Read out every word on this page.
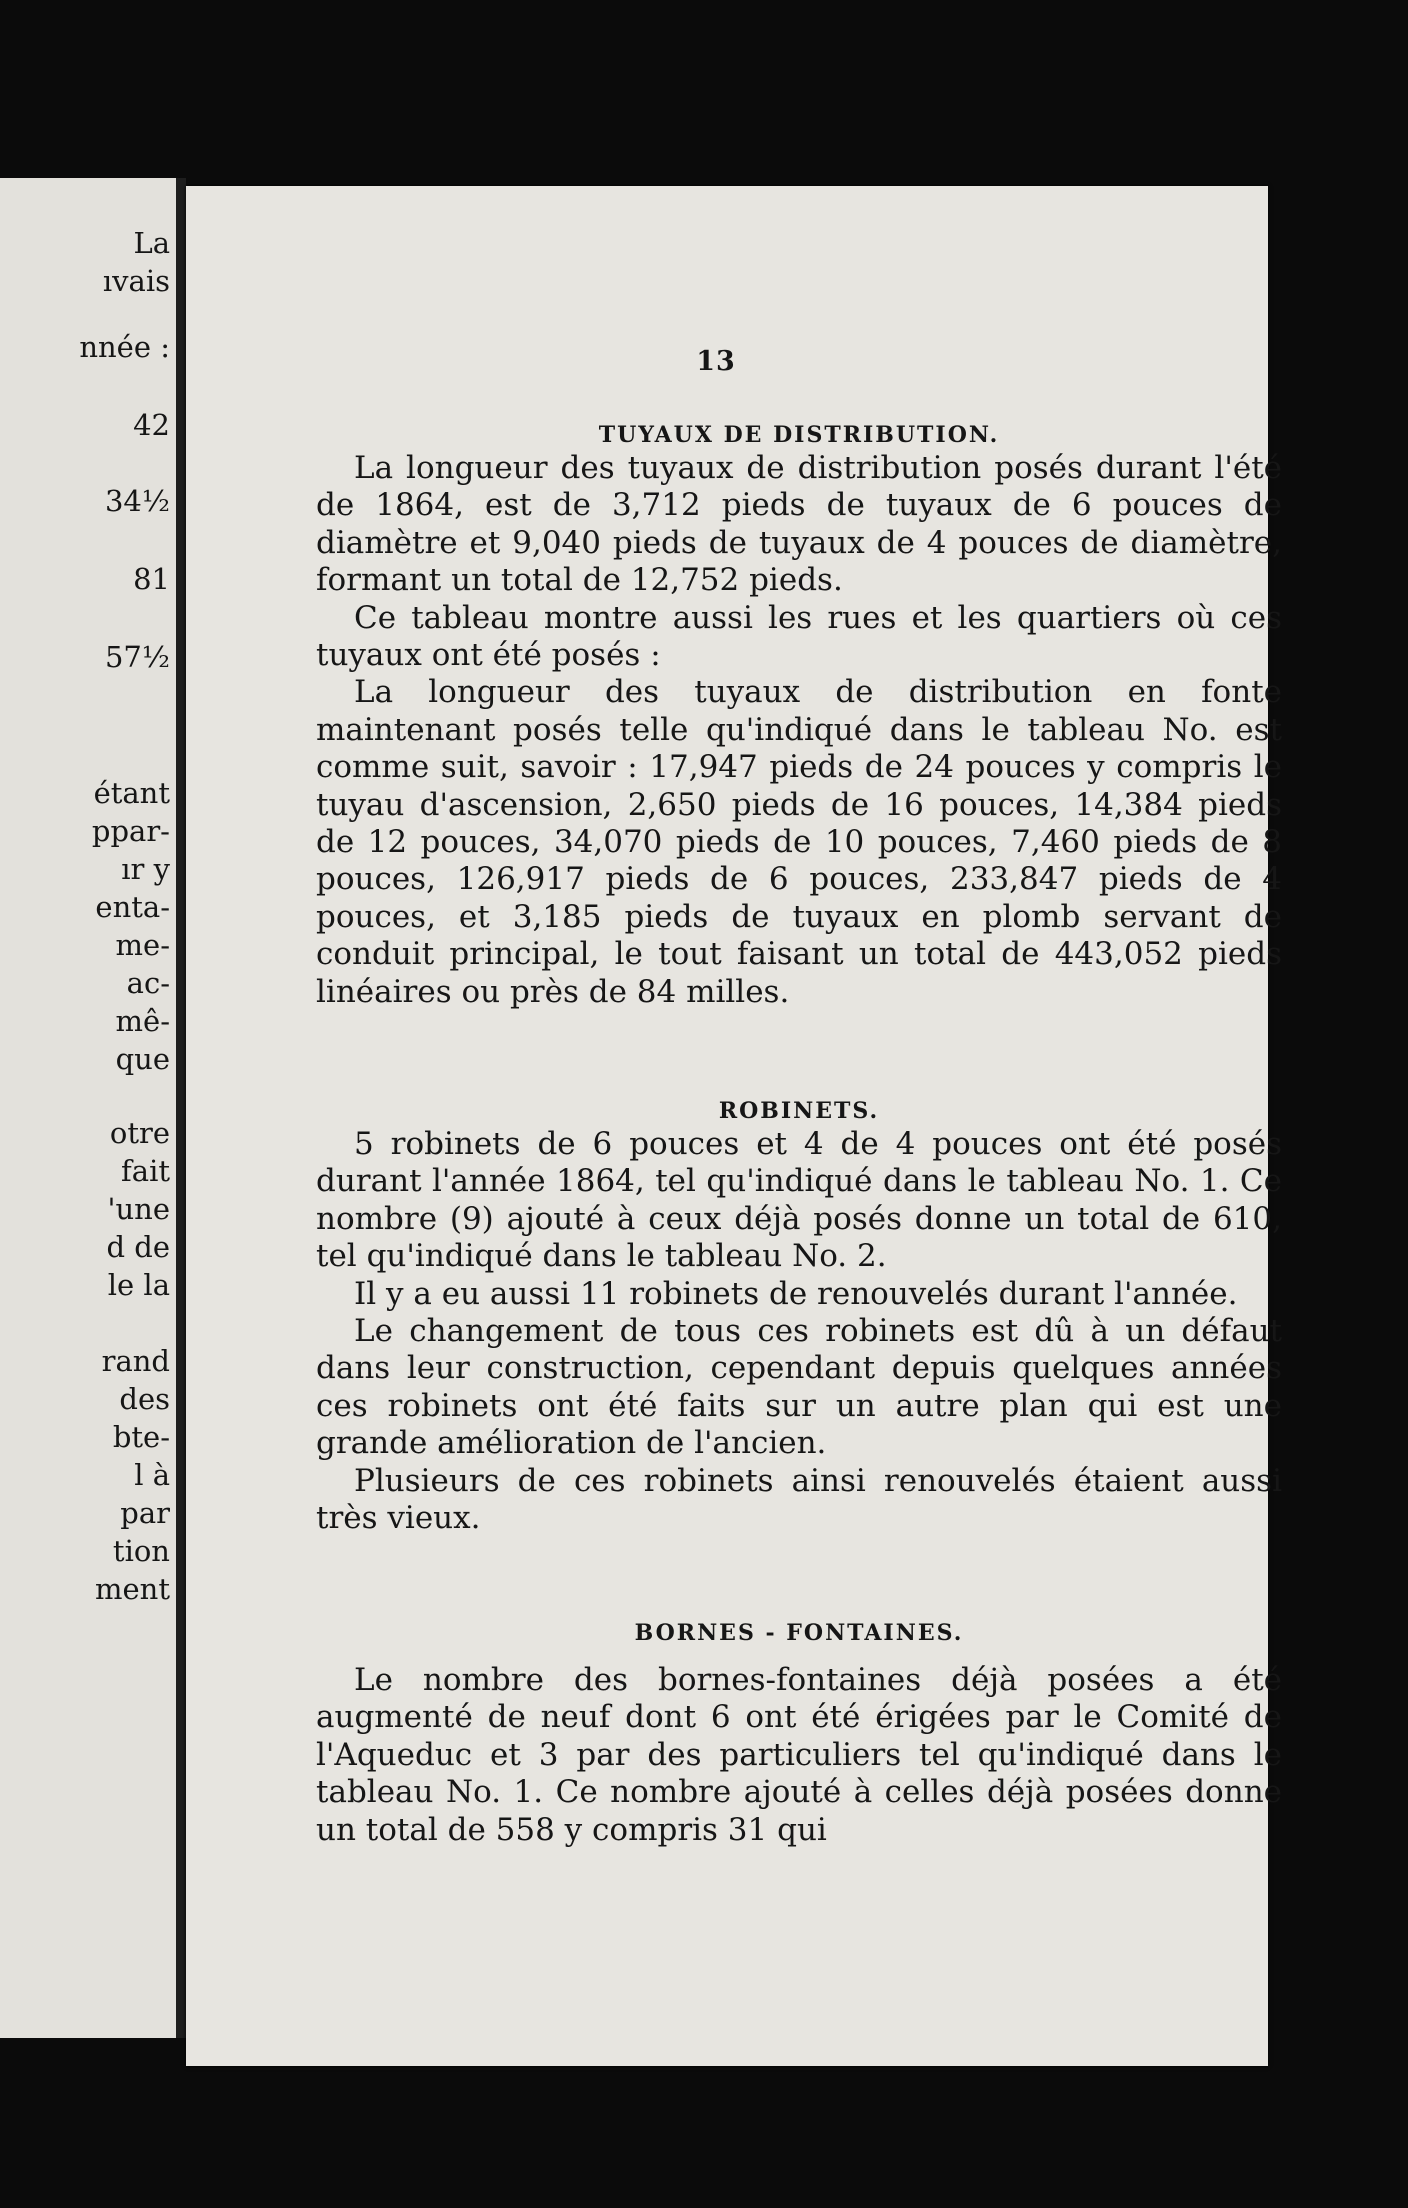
La
ıvais
nnée :
42
34½
81
57½
étant
ppar-
ır y
enta-
me-
ac-
mê-
que
otre
fait
'une
d de
le la
rand
des
bte-
l à
par
tion
ment
13
TUYAUX DE DISTRIBUTION.

La longueur des tuyaux de distribution posés durant l'été de 1864, est de 3,712 pieds de tuyaux de 6 pouces de diamètre et 9,040 pieds de tuyaux de 4 pouces de diamètre, formant un total de 12,752 pieds.

Ce tableau montre aussi les rues et les quartiers où ces tuyaux ont été posés :

La longueur des tuyaux de distribution en fonte maintenant posés telle qu'indiqué dans le tableau No. est comme suit, savoir : 17,947 pieds de 24 pouces y compris le tuyau d'ascension, 2,650 pieds de 16 pouces, 14,384 pieds de 12 pouces, 34,070 pieds de 10 pouces, 7,460 pieds de 8 pouces, 126,917 pieds de 6 pouces, 233,847 pieds de 4 pouces, et 3,185 pieds de tuyaux en plomb servant de conduit principal, le tout faisant un total de 443,052 pieds linéaires ou près de 84 milles.

ROBINETS.

5 robinets de 6 pouces et 4 de 4 pouces ont été posés durant l'année 1864, tel qu'indiqué dans le tableau No. 1. Ce nombre (9) ajouté à ceux déjà posés donne un total de 610, tel qu'indiqué dans le tableau No. 2.

Il y a eu aussi 11 robinets de renouvelés durant l'année.

Le changement de tous ces robinets est dû à un défaut dans leur construction, cependant depuis quelques années ces robinets ont été faits sur un autre plan qui est une grande amélioration de l'ancien.

Plusieurs de ces robinets ainsi renouvelés étaient aussi très vieux.

BORNES - FONTAINES.

Le nombre des bornes-fontaines déjà posées a été augmenté de neuf dont 6 ont été érigées par le Comité de l'Aqueduc et 3 par des particuliers tel qu'indiqué dans le tableau No. 1. Ce nombre ajouté à celles déjà posées donne un total de 558 y compris 31 qui
